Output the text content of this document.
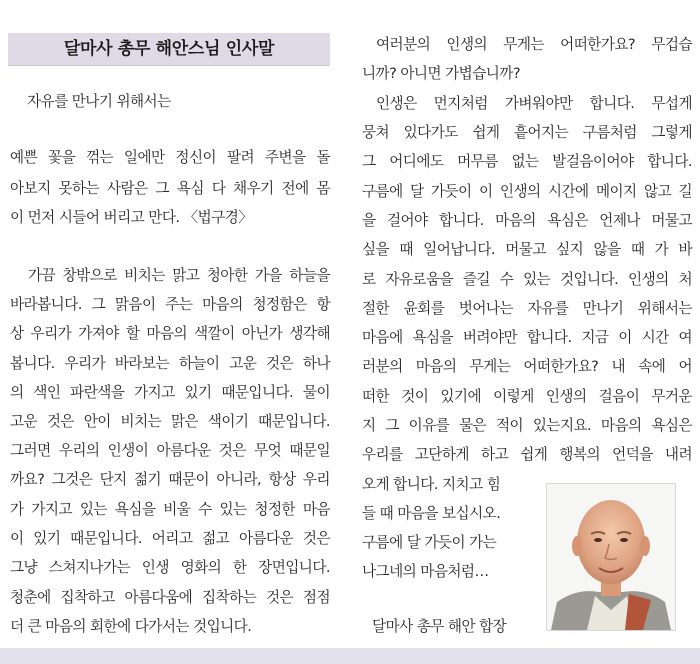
달마사 총무 해안스님 인사말
자유를 만나기 위해서는
예쁜 꽃을 꺾는 일에만 정신이 팔려 주변을 돌
아보지 못하는 사람은 그 욕심 다 채우기 전에 몸
이 먼저 시들어 버리고 만다. 〈법구경〉
가끔 창밖으로 비치는 맑고 청아한 가을 하늘을
바라봅니다. 그 맑음이 주는 마음의 청정함은 항
상 우리가 가져야 할 마음의 색깔이 아닌가 생각해
봅니다. 우리가 바라보는 하늘이 고운 것은 하나
의 색인 파란색을 가지고 있기 때문입니다. 물이
고운 것은 안이 비치는 맑은 색이기 때문입니다.
그러면 우리의 인생이 아름다운 것은 무엇 때문일
까요? 그것은 단지 젊기 때문이 아니라, 항상 우리
가 가지고 있는 욕심을 비울 수 있는 청정한 마음
이 있기 때문입니다. 어리고 젊고 아름다운 것은
그냥 스쳐지나가는 인생 영화의 한 장면입니다.
청춘에 집착하고 아름다움에 집착하는 것은 점점
더 큰 마음의 회한에 다가서는 것입니다.
여러분의 인생의 무게는 어떠한가요? 무겁습
니까? 아니면 가볍습니까?
인생은 먼지처럼 가벼워야만 합니다. 무섭게
뭉쳐 있다가도 쉽게 흩어지는 구름처럼 그렇게
그 어디에도 머무름 없는 발걸음이어야 합니다.
구름에 달 가듯이 이 인생의 시간에 메이지 않고 길
을 걸어야 합니다. 마음의 욕심은 언제나 머물고
싶을 때 일어납니다. 머물고 싶지 않을 때 가 바
로 자유로움을 즐길 수 있는 것입니다. 인생의 처
절한 윤회를 벗어나는 자유를 만나기 위해서는
마음에 욕심을 버려야만 합니다. 지금 이 시간 여
러분의 마음의 무게는 어떠한가요? 내 속에 어
떠한 것이 있기에 이렇게 인생의 걸음이 무거운
지 그 이유를 물은 적이 있는지요. 마음의 욕심은
우리를 고단하게 하고 쉽게 행복의 언덕을 내려
오게 합니다. 지치고 힘
들 때 마음을 보십시오.
구름에 달 가듯이 가는
나그네의 마음처럼…
달마사 총무 해안 합장
